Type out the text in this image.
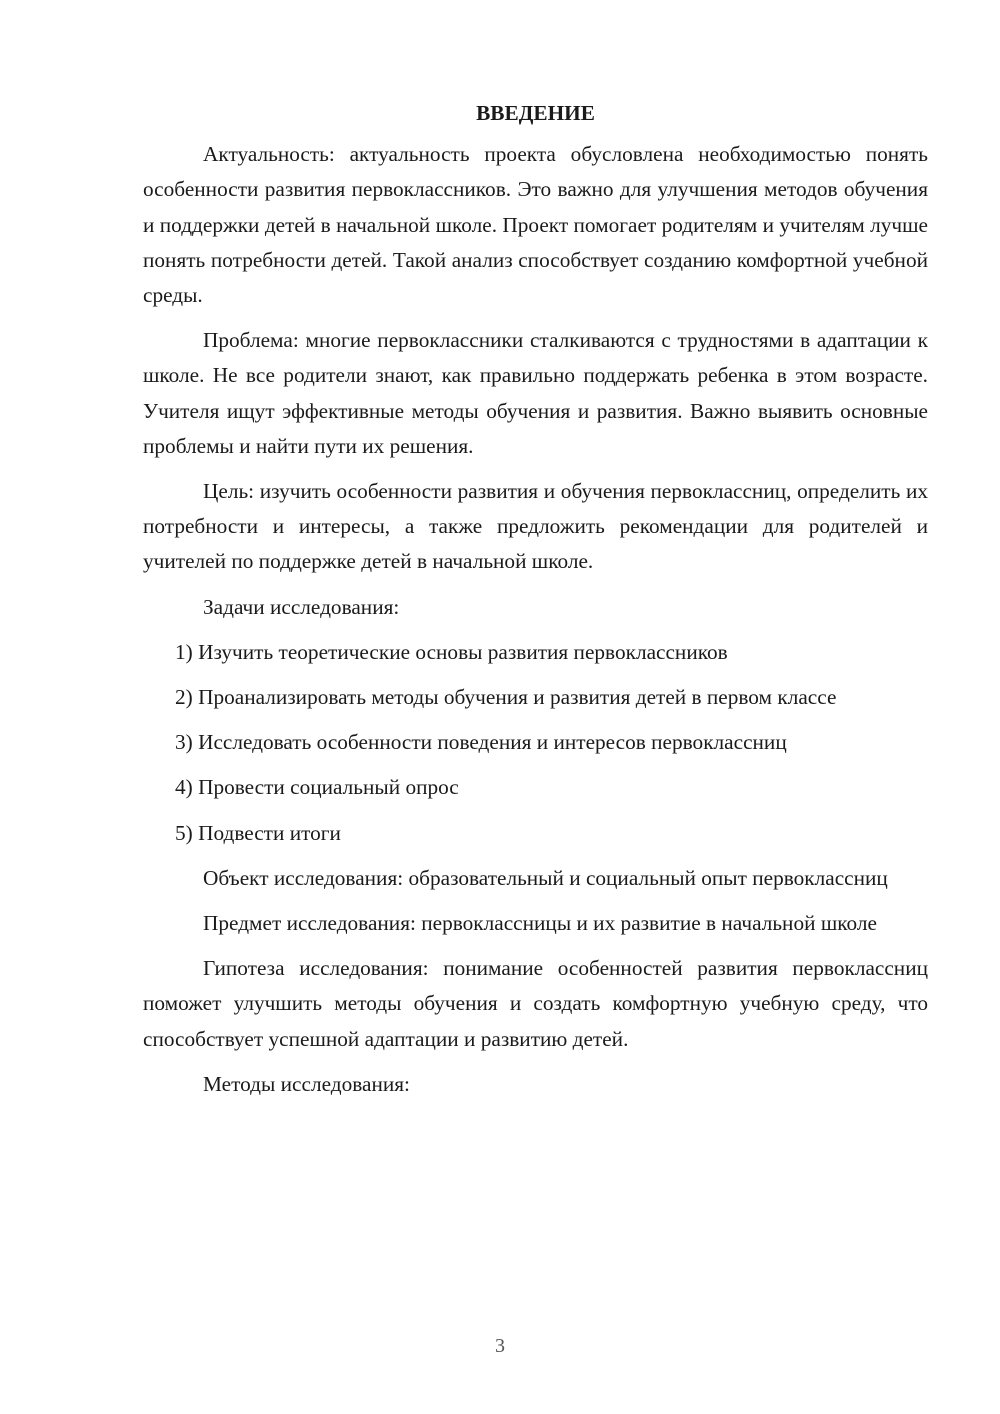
ВВЕДЕНИЕ

Актуальность: актуальность проекта обусловлена необходимостью понять особенности развития первоклассников. Это важно для улучшения методов обучения и поддержки детей в начальной школе. Проект помогает родителям и учителям лучше понять потребности детей. Такой анализ способствует созданию комфортной учебной среды.

Проблема: многие первоклассники сталкиваются с трудностями в адаптации к школе. Не все родители знают, как правильно поддержать ребенка в этом возрасте. Учителя ищут эффективные методы обучения и развития. Важно выявить основные проблемы и найти пути их решения.

Цель: изучить особенности развития и обучения первоклассниц, определить их потребности и интересы, а также предложить рекомендации для родителей и учителей по поддержке детей в начальной школе.

Задачи исследования:

1) Изучить теоретические основы развития первоклассников

2) Проанализировать методы обучения и развития детей в первом классе

3) Исследовать особенности поведения и интересов первоклассниц

4) Провести социальный опрос

5) Подвести итоги

Объект исследования: образовательный и социальный опыт первоклассниц

Предмет исследования: первоклассницы и их развитие в начальной школе

Гипотеза исследования: понимание особенностей развития первоклассниц поможет улучшить методы обучения и создать комфортную учебную среду, что способствует успешной адаптации и развитию детей.

Методы исследования:

3
